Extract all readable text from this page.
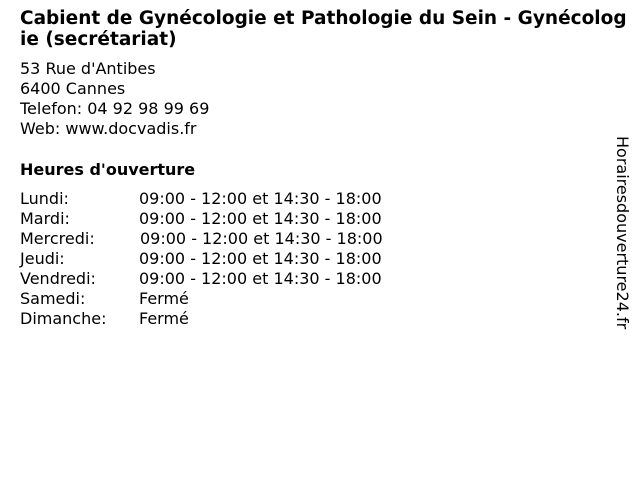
Cabient de Gynécologie et Pathologie du Sein - Gynécologie (secrétariat)
53 Rue d'Antibes
6400 Cannes
Telefon: 04 92 98 99 69
Web: www.docvadis.fr
Heures d'ouverture
Lundi:	09:00 - 12:00 et 14:30 - 18:00
Mardi:	09:00 - 12:00 et 14:30 - 18:00
Mercredi:	09:00 - 12:00 et 14:30 - 18:00
Jeudi:	09:00 - 12:00 et 14:30 - 18:00
Vendredi:	09:00 - 12:00 et 14:30 - 18:00
Samedi:	Fermé
Dimanche:	Fermé	Horairesdouverture24.fr
